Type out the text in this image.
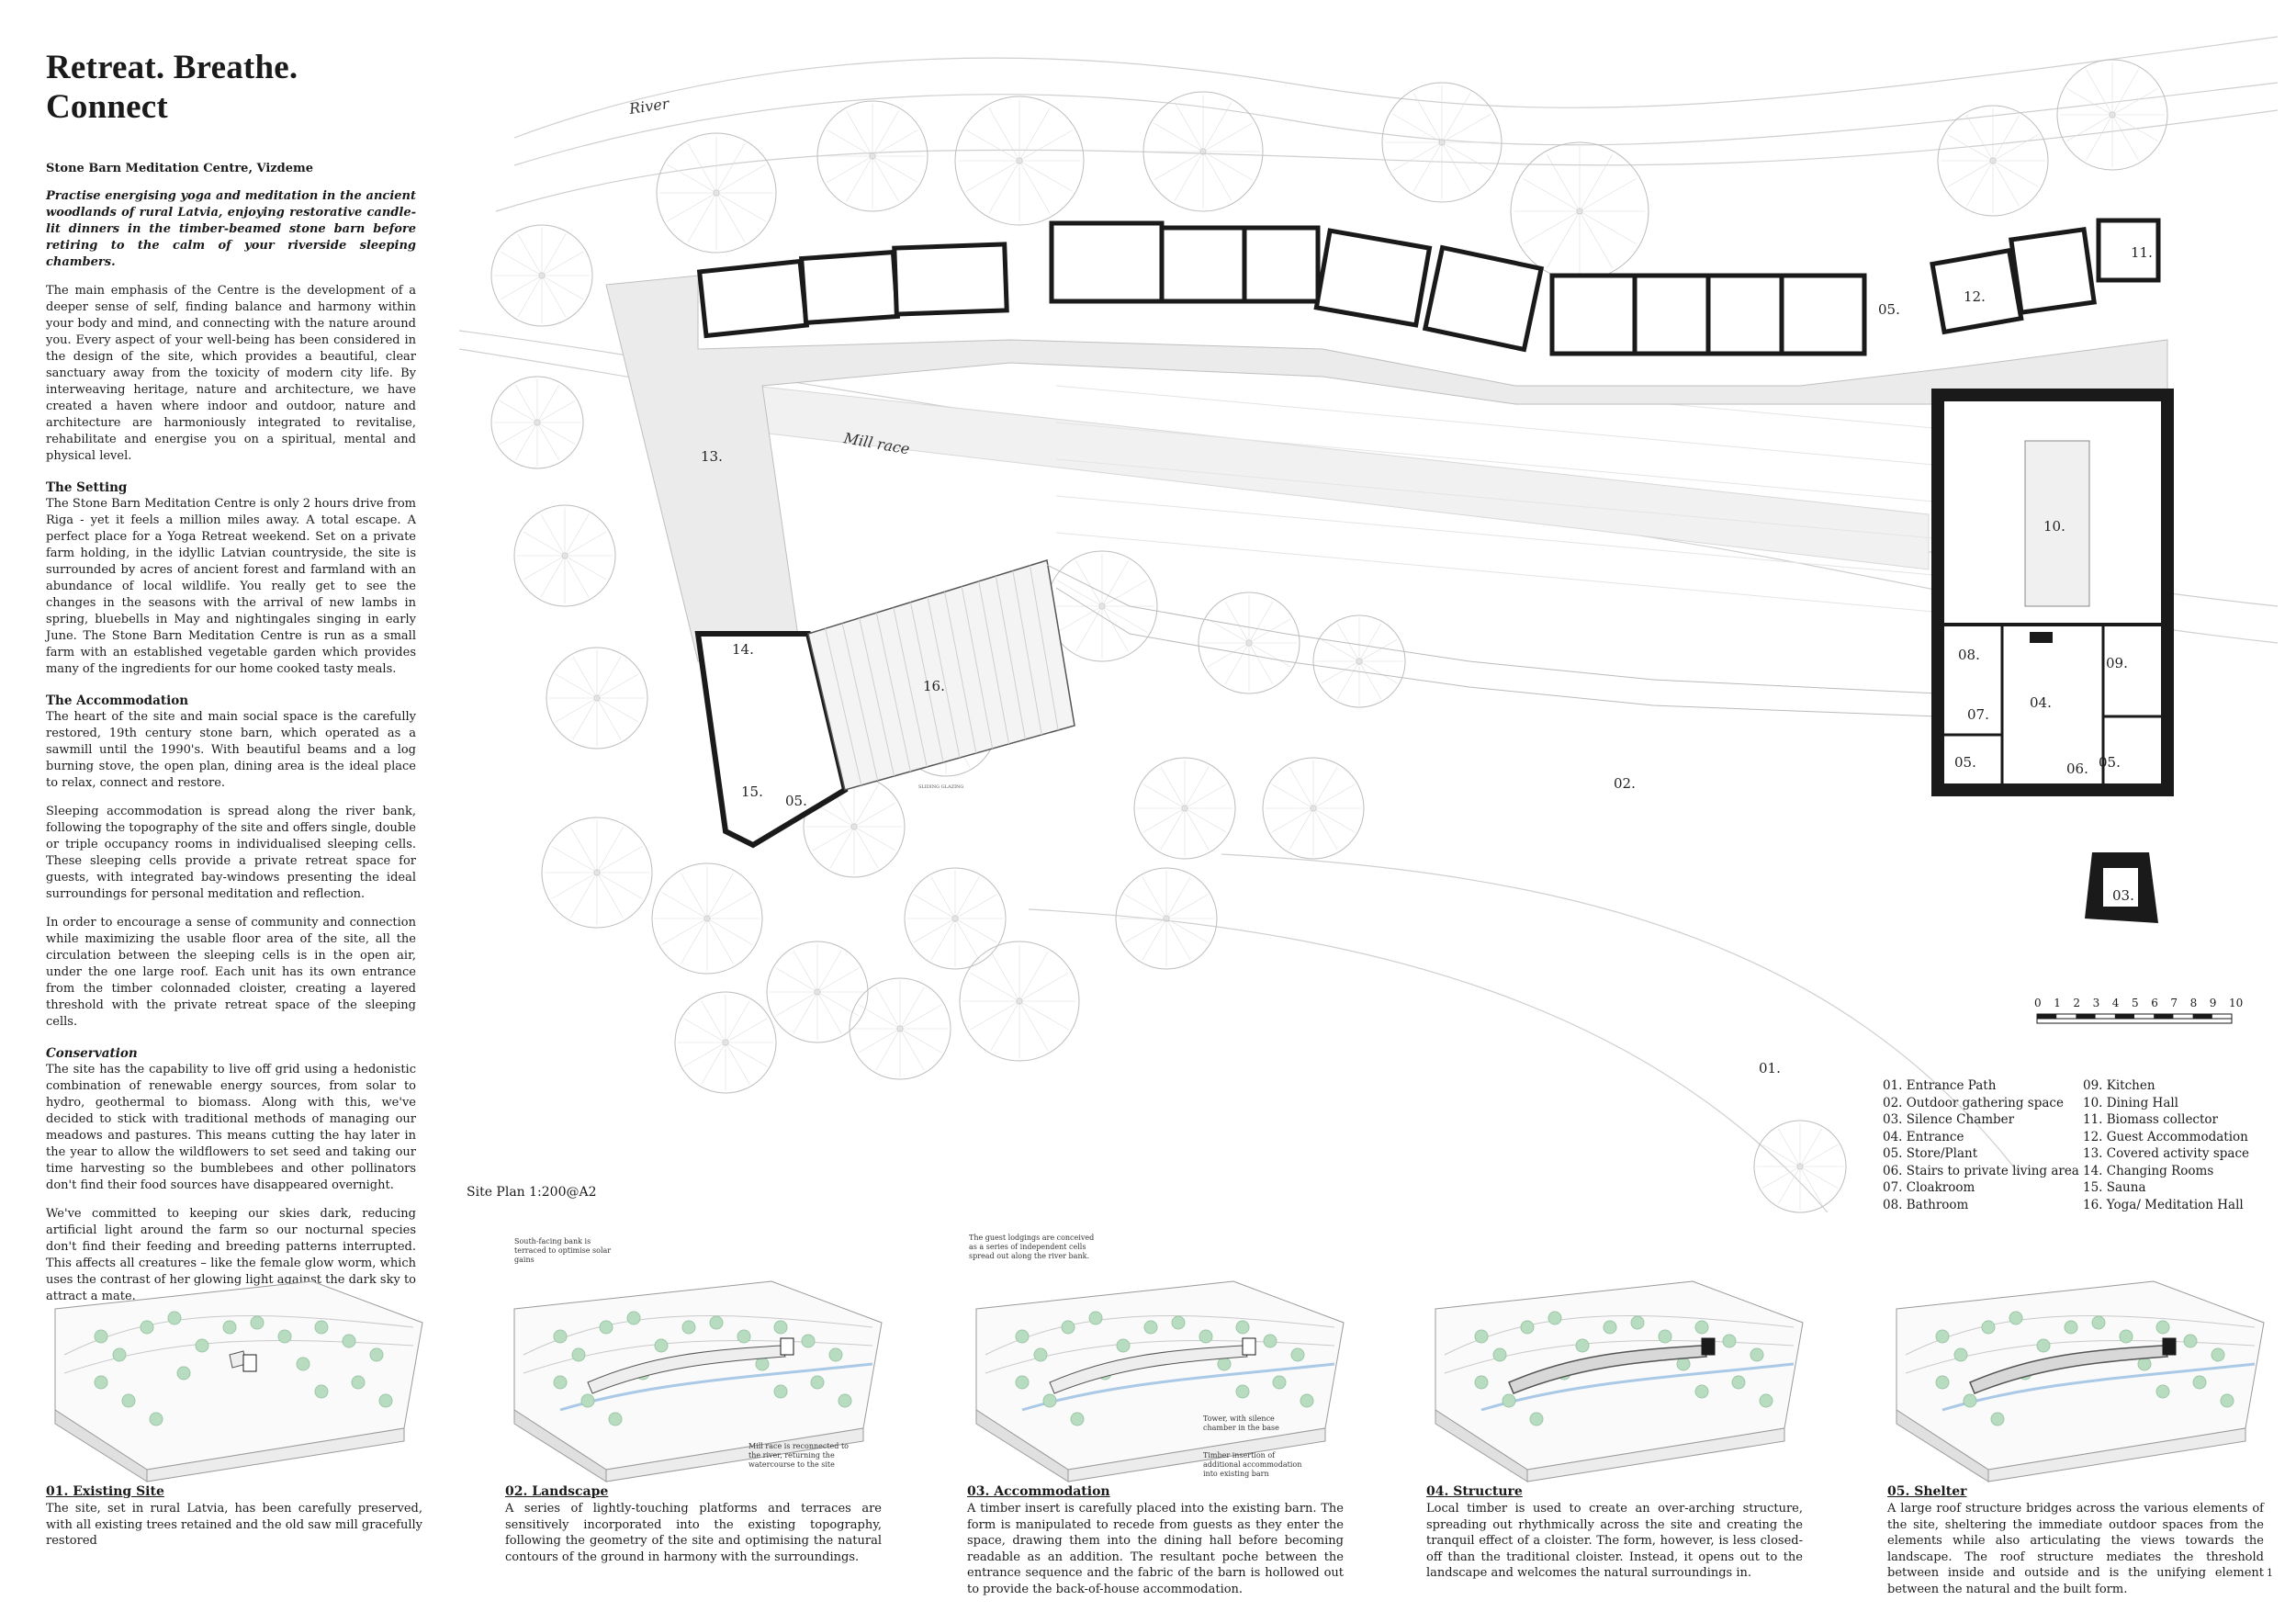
Retreat. Breathe. Connect
Stone Barn Meditation Centre, Vizdeme
Practise energising yoga and meditation in the ancient woodlands of rural Latvia, enjoying restorative candle-lit dinners in the timber-beamed stone barn before retiring to the calm of your riverside sleeping chambers.
The main emphasis of the Centre is the development of a deeper sense of self, finding balance and harmony within your body and mind, and connecting with the nature around you. Every aspect of your well-being has been considered in the design of the site, which provides a beautiful, clear sanctuary away from the toxicity of modern city life. By interweaving heritage, nature and architecture, we have created a haven where indoor and outdoor, nature and architecture are harmoniously integrated to revitalise, rehabilitate and energise you on a spiritual, mental and physical level.
The Setting
The Stone Barn Meditation Centre is only 2 hours drive from Riga - yet it feels a million miles away. A total escape. A perfect place for a Yoga Retreat weekend. Set on a private farm holding, in the idyllic Latvian countryside, the site is surrounded by acres of ancient forest and farmland with an abundance of local wildlife. You really get to see the changes in the seasons with the arrival of new lambs in spring, bluebells in May and nightingales singing in early June. The Stone Barn Meditation Centre is run as a small farm with an established vegetable garden which provides many of the ingredients for our home cooked tasty meals.
The Accommodation
The heart of the site and main social space is the carefully restored, 19th century stone barn, which operated as a sawmill until the 1990's. With beautiful beams and a log burning stove, the open plan, dining area is the ideal place to relax, connect and restore.
Sleeping accommodation is spread along the river bank, following the topography of the site and offers single, double or triple occupancy rooms in individualised sleeping cells. These sleeping cells provide a private retreat space for guests, with integrated bay-windows presenting the ideal surroundings for personal meditation and reflection.
In order to encourage a sense of community and connection while maximizing the usable floor area of the site, all the circulation between the sleeping cells is in the open air, under the one large roof. Each unit has its own entrance from the timber colonnaded cloister, creating a layered threshold with the private retreat space of the sleeping cells.
Conservation
The site has the capability to live off grid using a hedonistic combination of renewable energy sources, from solar to hydro, geothermal to biomass. Along with this, we've decided to stick with traditional methods of managing our meadows and pastures. This means cutting the hay later in the year to allow the wildflowers to set seed and taking our time harvesting so the bumblebees and other pollinators don't find their food sources have disappeared overnight.
We've committed to keeping our skies dark, reducing artificial light around the farm so our nocturnal species don't find their feeding and breeding patterns interrupted. This affects all creatures – like the female glow worm, which uses the contrast of her glowing light against the dark sky to attract a mate.
River
Mill race
SLIDING GLAZING
01.
02.
03.
04.
05.
05.
05.
05.	06.
07.
08.	09.
10.
11.
12.
13.
14.
15.
16.
Site Plan 1:200@A2
0 1 2 3 4 5 6 7 8 9 10
01. Entrance Path
02. Outdoor gathering space
03. Silence Chamber
04. Entrance
05. Store/Plant
06. Stairs to private living area
07. Cloakroom
08. Bathroom
09. Kitchen
10. Dining Hall
11. Biomass collector
12. Guest Accommodation
13. Covered activity space
14. Changing Rooms
15. Sauna
16. Yoga/ Meditation Hall
01. Existing Site
The site, set in rural Latvia, has been carefully preserved, with all existing trees retained and the old saw mill gracefully restored
02. Landscape
A series of lightly-touching platforms and terraces are sensitively incorporated into the existing topography, following the geometry of the site and optimising the natural contours of the ground in harmony with the surroundings.
South-facing bank is terraced to optimise solar gains
Mill race is reconnected to the river, returning the watercourse to the site
03. Accommodation
A timber insert is carefully placed into the existing barn. The form is manipulated to recede from guests as they enter the space, drawing them into the dining hall before becoming readable as an addition. The resultant poche between the entrance sequence and the fabric of the barn is hollowed out to provide the back-of-house accommodation.
The guest lodgings are conceived as a series of independent cells spread out along the river bank.
Tower, with silence chamber in the base
Timber insertion of additional accommodation into existing barn
04. Structure
Local timber is used to create an over-arching structure, spreading out rhythmically across the site and creating the tranquil effect of a cloister. The form, however, is less closed-off than the traditional cloister. Instead, it opens out to the landscape and welcomes the natural surroundings in.
05. Shelter
A large roof structure bridges across the various elements of the site, sheltering the immediate outdoor spaces from the elements while also articulating the views towards the landscape. The roof structure mediates the threshold between inside and outside and is the unifying element between the natural and the built form.
1
